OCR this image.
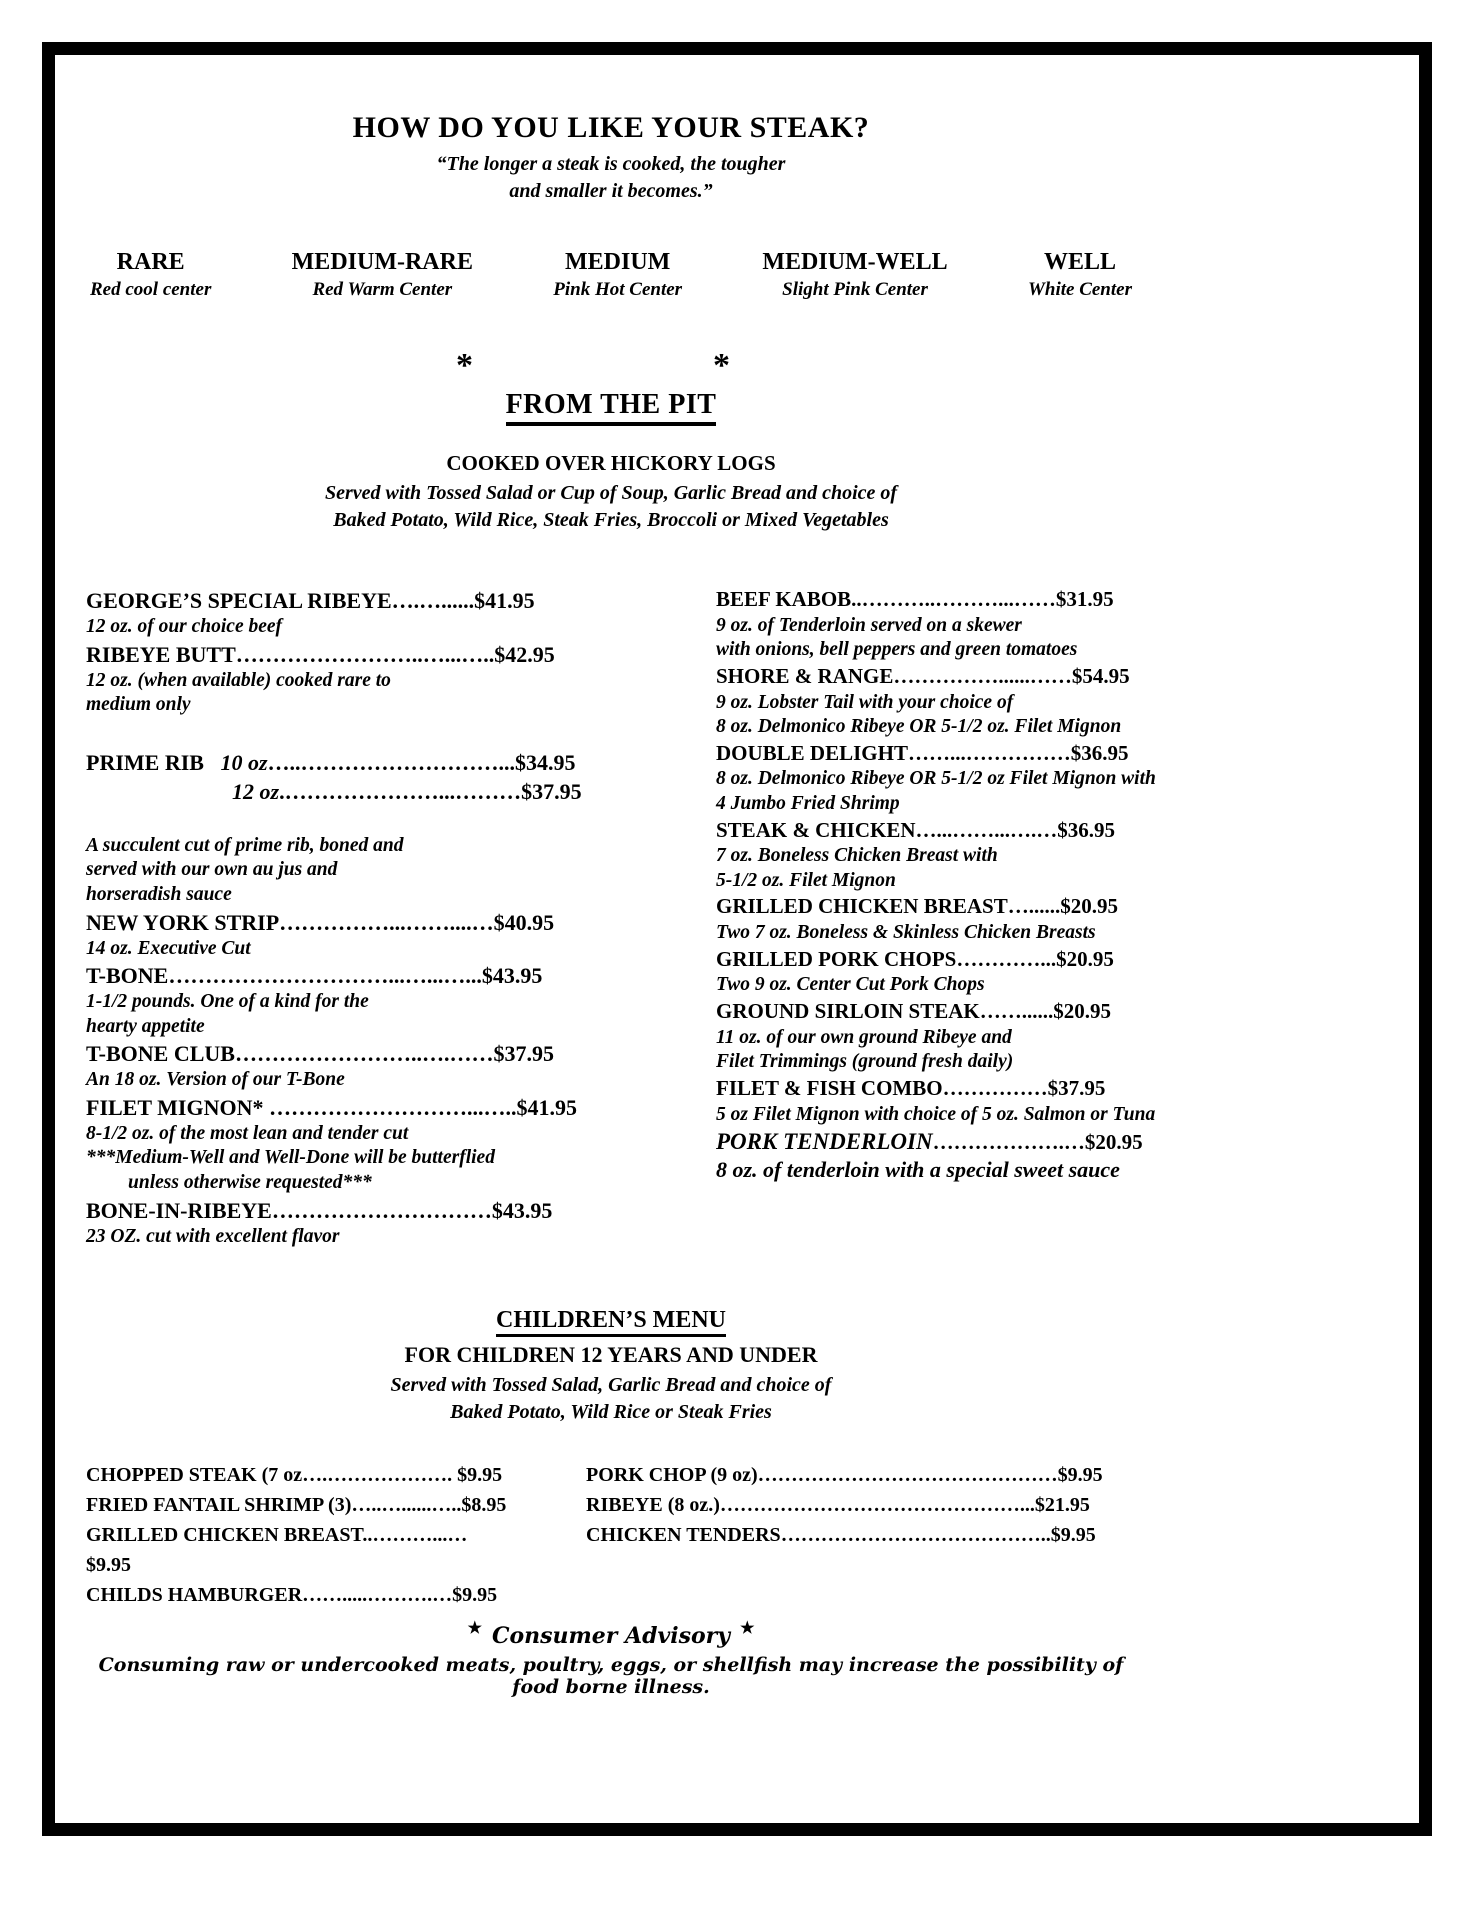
HOW DO YOU LIKE YOUR STEAK?
“The longer a steak is cooked, the tougher
and smaller it becomes.”
RARE
Red cool center
MEDIUM-RARE
Red Warm Center
MEDIUM
Pink Hot Center
MEDIUM-WELL
Slight Pink Center
WELL
White Center
*	*
FROM THE PIT
COOKED OVER HICKORY LOGS
Served with Tossed Salad or Cup of Soup, Garlic Bread and choice of
Baked Potato, Wild Rice, Steak Fries, Broccoli or Mixed Vegetables
GEORGE’S SPECIAL RIBEYE….…......$41.95
12 oz. of our choice beef
RIBEYE BUTT……………………..…...…..$42.95
12 oz. (when available) cooked rare to
medium only
PRIME RIB 10 oz…..………………………...$34.95
12 oz.…………………...………$37.95
A succulent cut of prime rib, boned and
served with our own au jus and
horseradish sauce
NEW YORK STRIP……………...……....…$40.95
14 oz. Executive Cut
T-BONE…………………………...…...…...$43.95
1-1/2 pounds. One of a kind for the
hearty appetite
T-BONE CLUB……………………..….……$37.95
An 18 oz. Version of our T-Bone
FILET MIGNON* ………………………...…..$41.95
8-1/2 oz. of the most lean and tender cut
***Medium-Well and Well-Done will be butterflied
unless otherwise requested***
BONE-IN-RIBEYE…………………………$43.95
23 OZ. cut with excellent flavor
BEEF KABOB..………..………...……$31.95
9 oz. of Tenderloin served on a skewer
with onions, bell peppers and green tomatoes
SHORE & RANGE……………......……$54.95
9 oz. Lobster Tail with your choice of
8 oz. Delmonico Ribeye OR 5-1/2 oz. Filet Mignon
DOUBLE DELIGHT……...……………$36.95
8 oz. Delmonico Ribeye OR 5-1/2 oz Filet Mignon with
4 Jumbo Fried Shrimp
STEAK & CHICKEN…...……...….…$36.95
7 oz. Boneless Chicken Breast with
5-1/2 oz. Filet Mignon
GRILLED CHICKEN BREAST…......$20.95
Two 7 oz. Boneless & Skinless Chicken Breasts
GRILLED PORK CHOPS…………...$20.95
Two 9 oz. Center Cut Pork Chops
GROUND SIRLOIN STEAK……......$20.95
11 oz. of our own ground Ribeye and
Filet Trimmings (ground fresh daily)
FILET & FISH COMBO……………$37.95
5 oz Filet Mignon with choice of 5 oz. Salmon or Tuna
PORK TENDERLOIN……………….…$20.95
8 oz. of tenderloin with a special sweet sauce
CHILDREN’S MENU
FOR CHILDREN 12 YEARS AND UNDER
Served with Tossed Salad, Garlic Bread and choice of
Baked Potato, Wild Rice or Steak Fries
CHOPPED STEAK (7 oz….………………. $9.95
FRIED FANTAIL SHRIMP (3)…..…......…..$8.95
GRILLED CHICKEN BREAST..………...…$9.95
CHILDS HAMBURGER…….....……….…$9.95
PORK CHOP (9 oz)………………………………………$9.95
RIBEYE (8 oz.)………………………………………...$21.95
CHICKEN TENDERS…………………………………..$9.95
★ Consumer Advisory ★
Consuming raw or undercooked meats, poultry, eggs, or shellfish may increase the possibility of food borne illness.
